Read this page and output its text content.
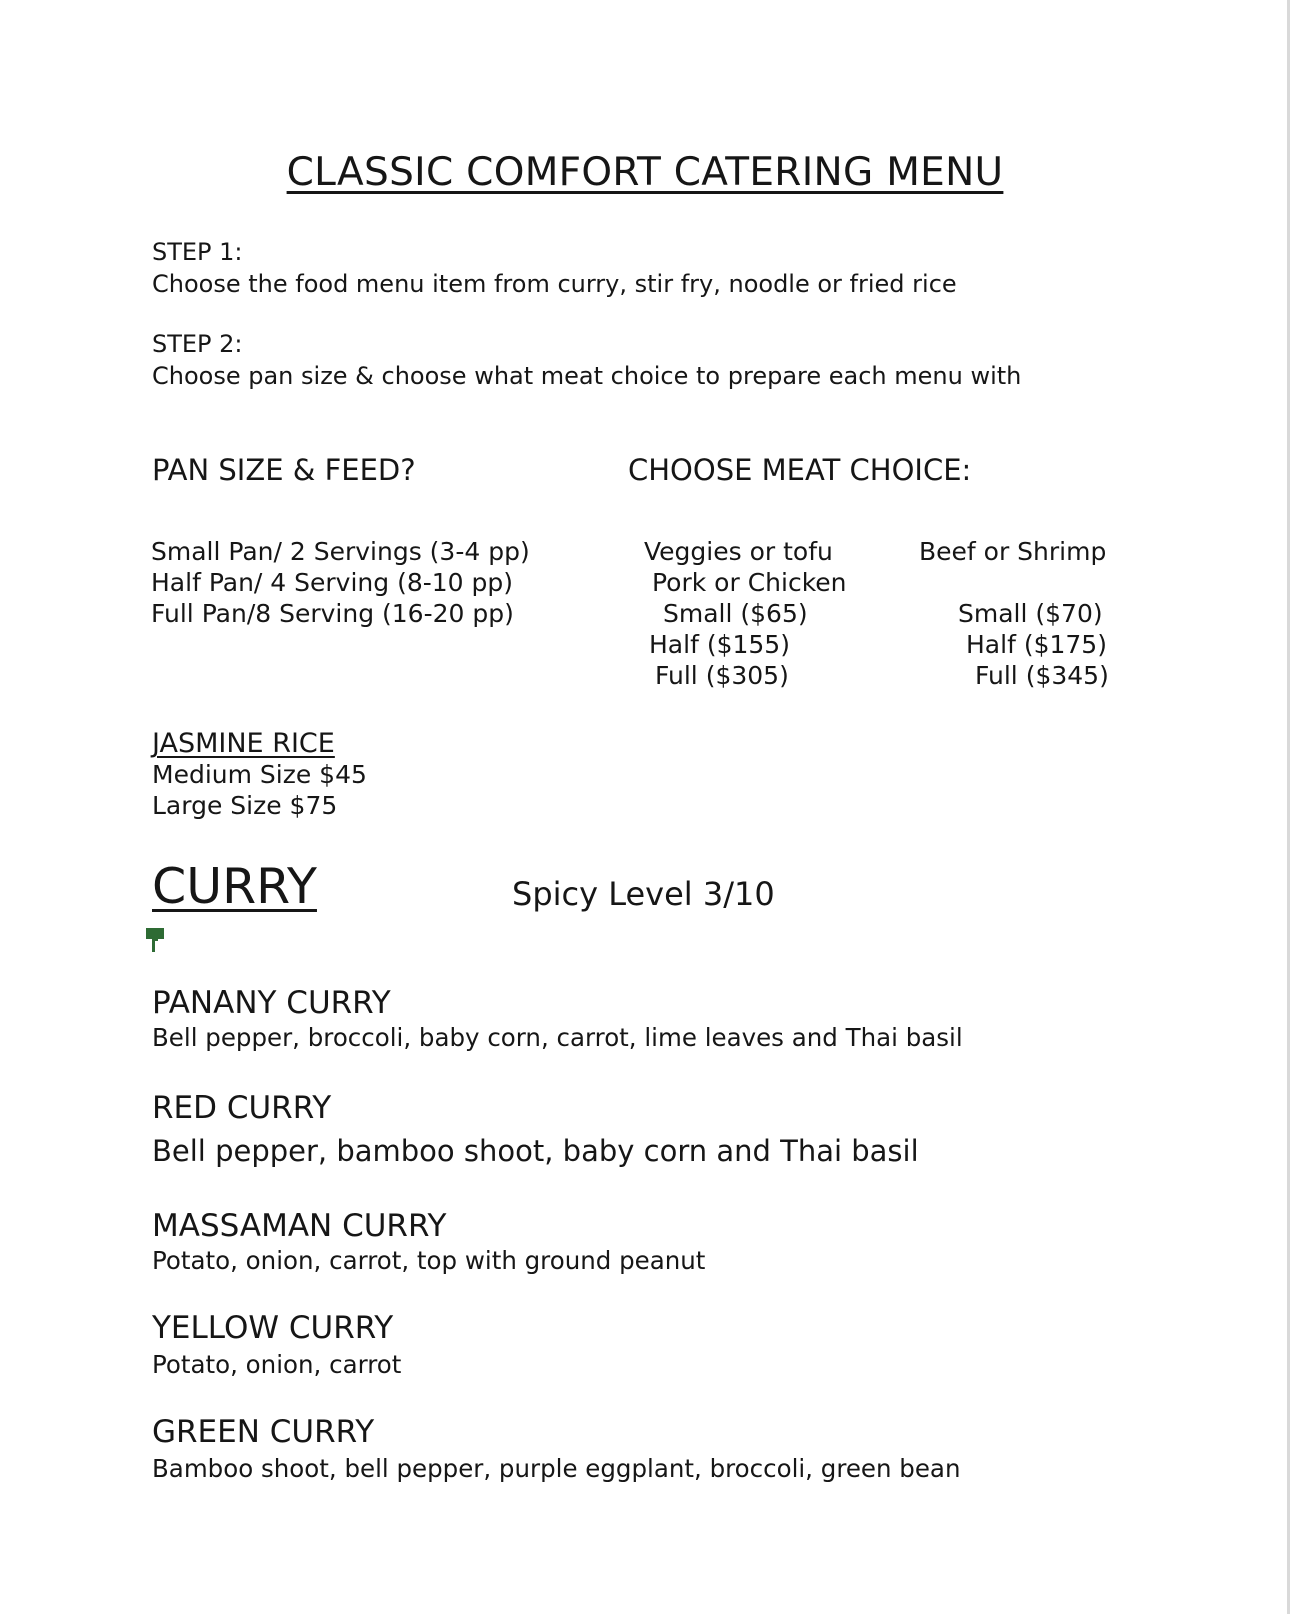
CLASSIC COMFORT CATERING MENU
STEP 1:
Choose the food menu item from curry, stir fry, noodle or fried rice
STEP 2:
Choose pan size & choose what meat choice to prepare each menu with
PAN SIZE & FEED?	CHOOSE MEAT CHOICE:
Small Pan/ 2 Servings (3-4 pp)
Half Pan/ 4 Serving (8-10 pp)
Full Pan/8 Serving (16-20 pp)
Veggies or tofu
Pork or Chicken
Small ($65)
Half ($155)
Full ($305)
Beef or Shrimp
Small ($70)
Half ($175)
Full ($345)
JASMINE RICE
Medium Size $45
Large Size $75
CURRY	Spicy Level 3/10
PANANY CURRY
Bell pepper, broccoli, baby corn, carrot, lime leaves and Thai basil
RED CURRY
Bell pepper, bamboo shoot, baby corn and Thai basil
MASSAMAN CURRY
Potato, onion, carrot, top with ground peanut
YELLOW CURRY
Potato, onion, carrot
GREEN CURRY
Bamboo shoot, bell pepper, purple eggplant, broccoli, green bean
